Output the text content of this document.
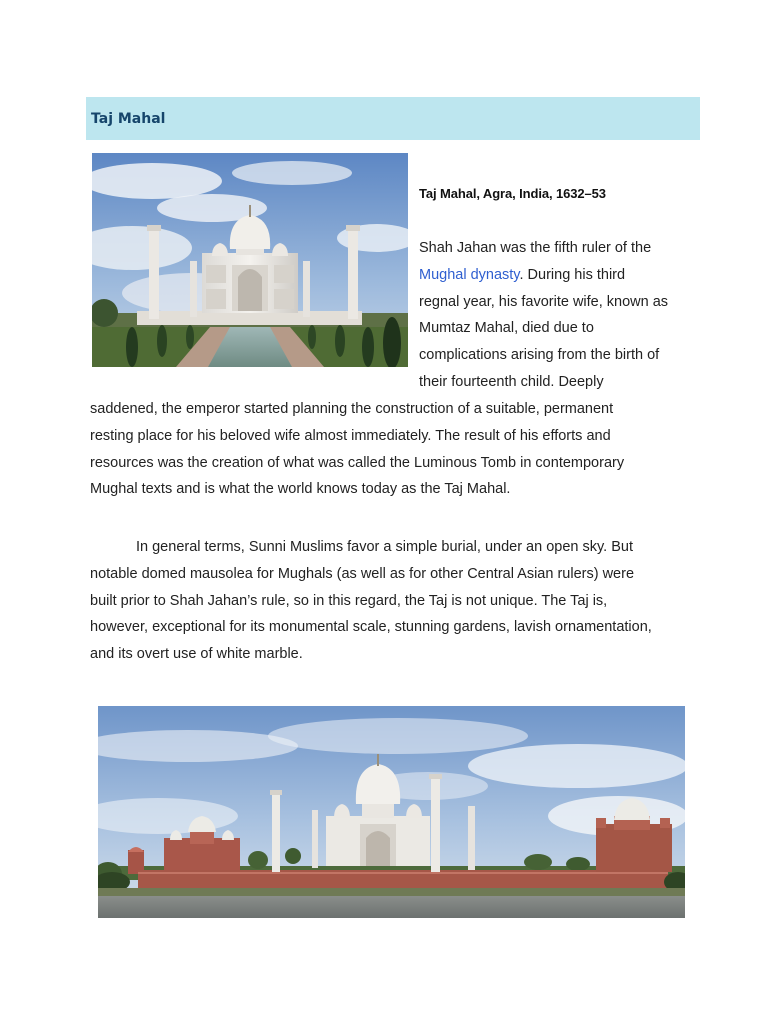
Taj Mahal
Taj Mahal, Agra, India, 1632–53
Shah Jahan was the fifth ruler of the
Mughal dynasty. During his third
regnal year, his favorite wife, known as
Mumtaz Mahal, died due to
complications arising from the birth of
their fourteenth child. Deeply
saddened, the emperor started planning the construction of a suitable, permanent
resting place for his beloved wife almost immediately. The result of his efforts and
resources was the creation of what was called the Luminous Tomb in contemporary
Mughal texts and is what the world knows today as the Taj Mahal.
In general terms, Sunni Muslims favor a simple burial, under an open sky. But
notable domed mausolea for Mughals (as well as for other Central Asian rulers) were
built prior to Shah Jahan’s rule, so in this regard, the Taj is not unique. The Taj is,
however, exceptional for its monumental scale, stunning gardens, lavish ornamentation,
and its overt use of white marble.
